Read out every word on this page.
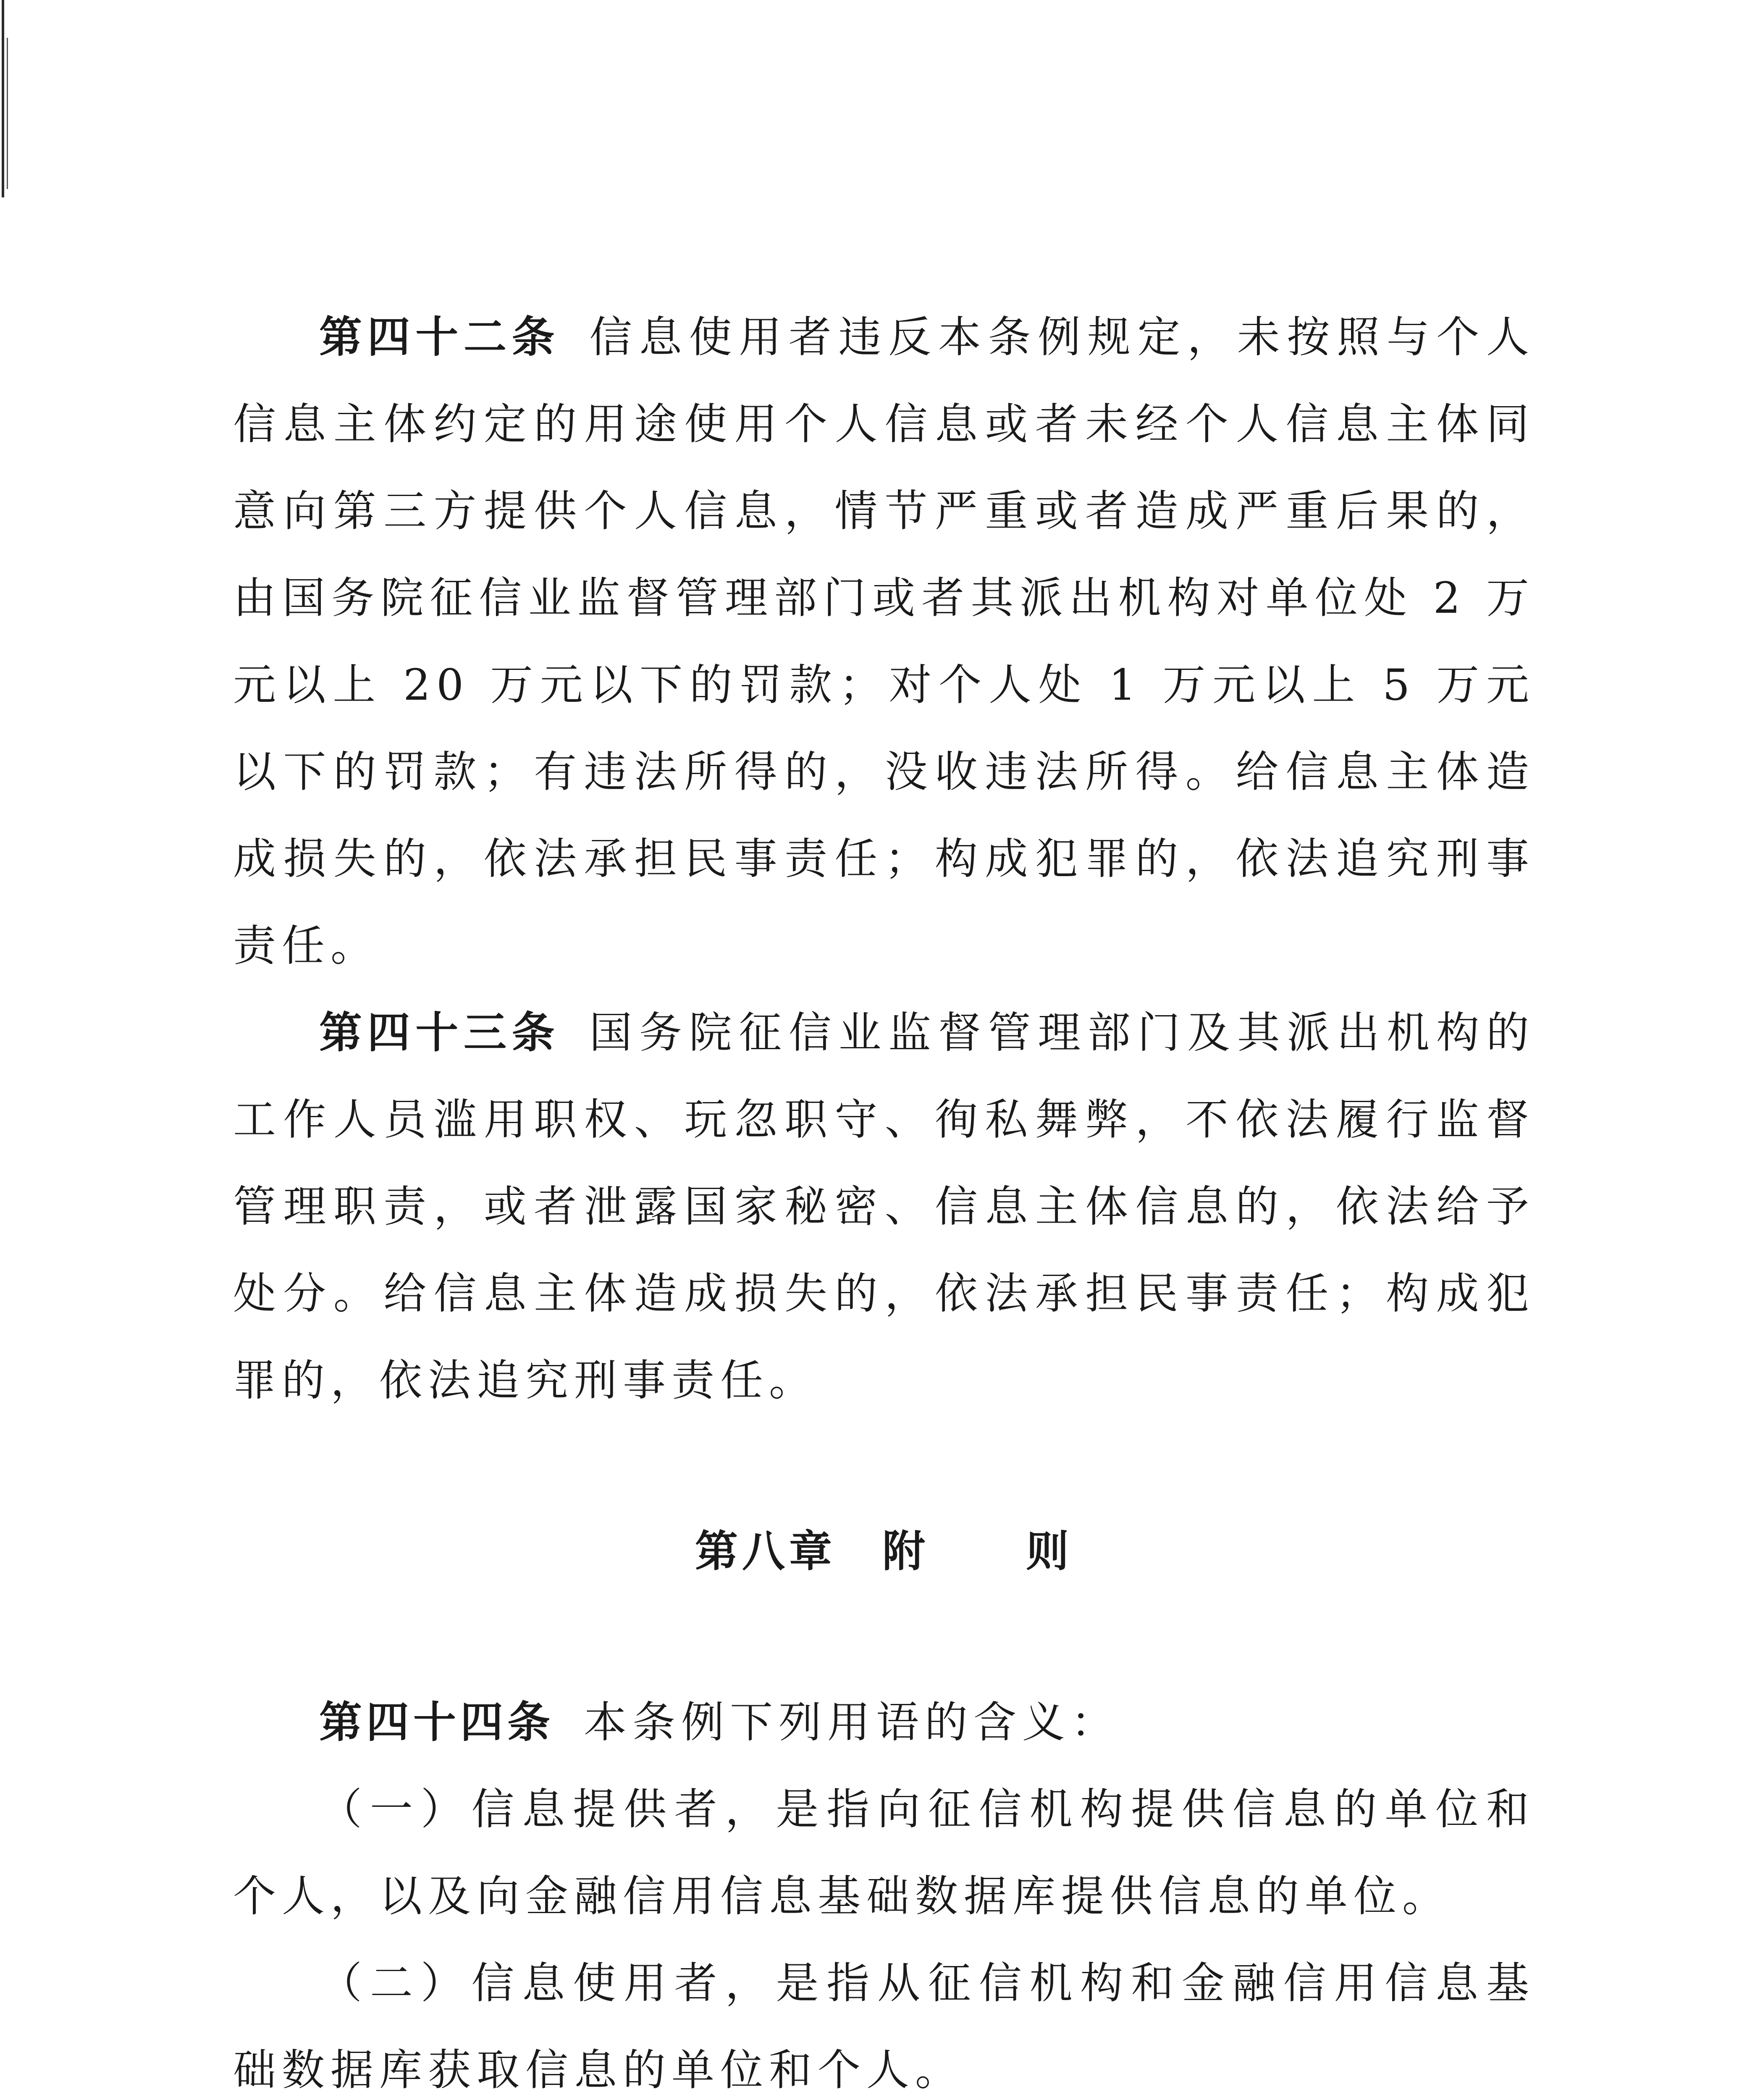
第四十二条 信息使用者违反本条例规定，未按照与个人信息主体约定的用途使用个人信息或者未经个人信息主体同意向第三方提供个人信息，情节严重或者造成严重后果的，由国务院征信业监督管理部门或者其派出机构对单位处 2 万元以上 20 万元以下的罚款；对个人处 1 万元以上 5 万元以下的罚款；有违法所得的，没收违法所得。给信息主体造成损失的，依法承担民事责任；构成犯罪的，依法追究刑事责任。

第四十三条 国务院征信业监督管理部门及其派出机构的工作人员滥用职权、玩忽职守、徇私舞弊，不依法履行监督管理职责，或者泄露国家秘密、信息主体信息的，依法给予处分。给信息主体造成损失的，依法承担民事责任；构成犯罪的，依法追究刑事责任。

第八章 附 则

第四十四条 本条例下列用语的含义：

（一）信息提供者，是指向征信机构提供信息的单位和个人，以及向金融信用信息基础数据库提供信息的单位。

（二）信息使用者，是指从征信机构和金融信用信息基础数据库获取信息的单位和个人。
